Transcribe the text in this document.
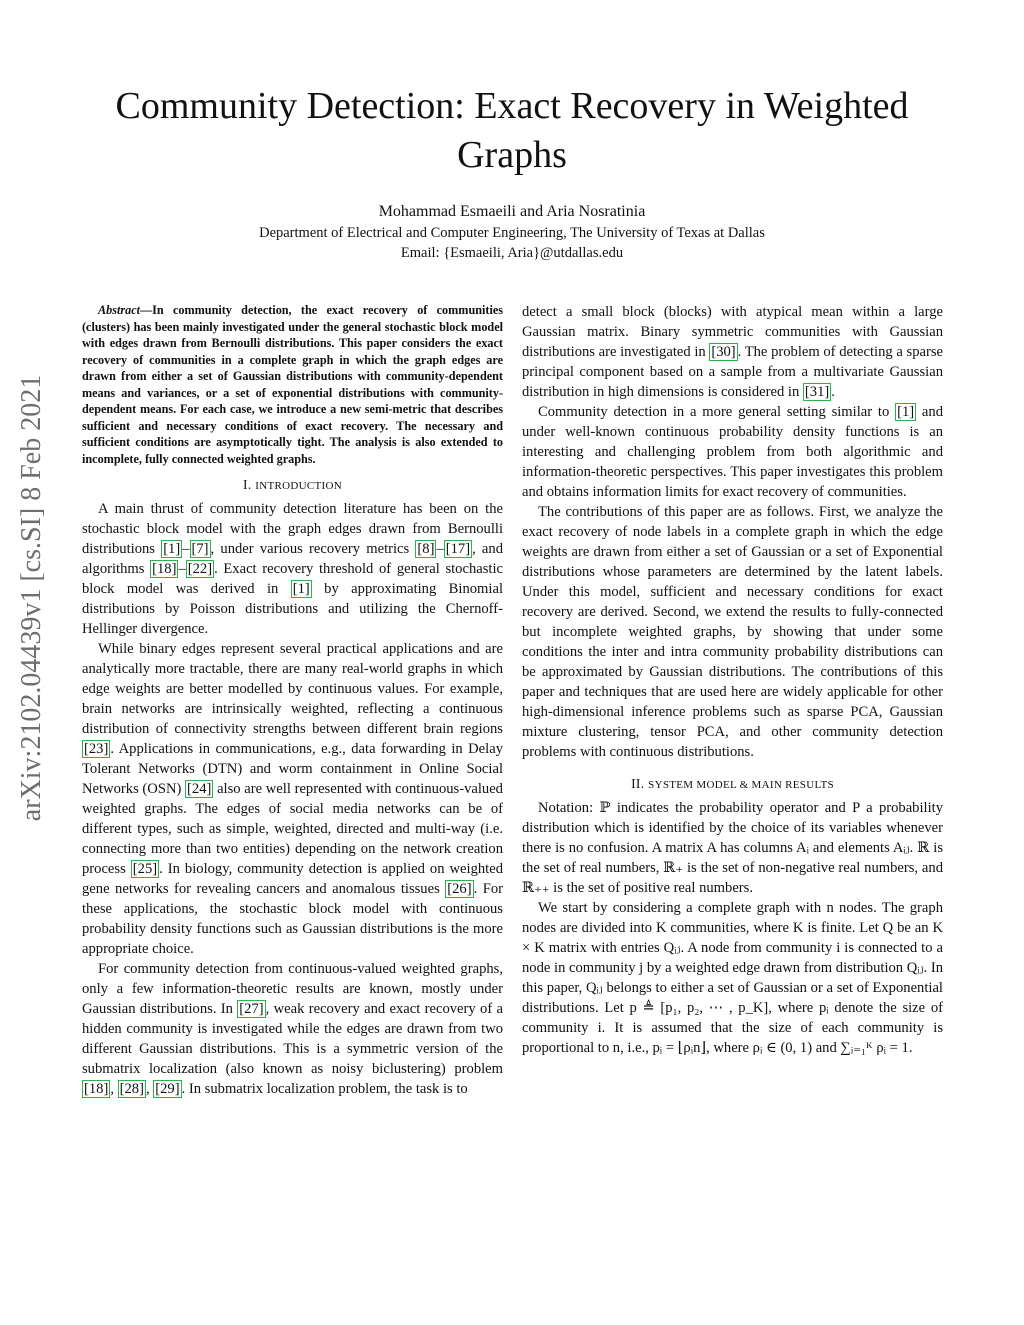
arXiv:2102.04439v1 [cs.SI] 8 Feb 2021
Community Detection: Exact Recovery in Weighted Graphs
Mohammad Esmaeili and Aria Nosratinia
Department of Electrical and Computer Engineering, The University of Texas at Dallas
Email: {Esmaeili, Aria}@utdallas.edu

Abstract—In community detection, the exact recovery of communities (clusters) has been mainly investigated under the general stochastic block model with edges drawn from Bernoulli distributions. This paper considers the exact recovery of communities in a complete graph in which the graph edges are drawn from either a set of Gaussian distributions with community-dependent means and variances, or a set of exponential distributions with community-dependent means. For each case, we introduce a new semi-metric that describes sufficient and necessary conditions of exact recovery. The necessary and sufficient conditions are asymptotically tight. The analysis is also extended to incomplete, fully connected weighted graphs.

I. INTRODUCTION

A main thrust of community detection literature has been on the stochastic block model with the graph edges drawn from Bernoulli distributions [1] – [7] , under various recovery metrics [8] – [17] , and algorithms [18] – [22] . Exact recovery threshold of general stochastic block model was derived in [1] by approximating Binomial distributions by Poisson distributions and utilizing the Chernoff-Hellinger divergence.

While binary edges represent several practical applications and are analytically more tractable, there are many real-world graphs in which edge weights are better modelled by continuous values. For example, brain networks are intrinsically weighted, reflecting a continuous distribution of connectivity strengths between different brain regions [23] . Applications in communications, e.g., data forwarding in Delay Tolerant Networks (DTN) and worm containment in Online Social Networks (OSN) [24] also are well represented with continuous-valued weighted graphs. The edges of social media networks can be of different types, such as simple, weighted, directed and multi-way (i.e. connecting more than two entities) depending on the network creation process [25] . In biology, community detection is applied on weighted gene networks for revealing cancers and anomalous tissues [26] . For these applications, the stochastic block model with continuous probability density functions such as Gaussian distributions is the more appropriate choice.

For community detection from continuous-valued weighted graphs, only a few information-theoretic results are known, mostly under Gaussian distributions. In [27] , weak recovery and exact recovery of a hidden community is investigated while the edges are drawn from two different Gaussian distributions. This is a symmetric version of the submatrix localization (also known as noisy biclustering) problem [18] , [28] , [29] . In submatrix localization problem, the task is to

detect a small block (blocks) with atypical mean within a large Gaussian matrix. Binary symmetric communities with Gaussian distributions are investigated in [30] . The problem of detecting a sparse principal component based on a sample from a multivariate Gaussian distribution in high dimensions is considered in [31] .

Community detection in a more general setting similar to [1] and under well-known continuous probability density functions is an interesting and challenging problem from both algorithmic and information-theoretic perspectives. This paper investigates this problem and obtains information limits for exact recovery of communities.

The contributions of this paper are as follows. First, we analyze the exact recovery of node labels in a complete graph in which the edge weights are drawn from either a set of Gaussian or a set of Exponential distributions whose parameters are determined by the latent labels. Under this model, sufficient and necessary conditions for exact recovery are derived. Second, we extend the results to fully-connected but incomplete weighted graphs, by showing that under some conditions the inter and intra community probability distributions can be approximated by Gaussian distributions. The contributions of this paper and techniques that are used here are widely applicable for other high-dimensional inference problems such as sparse PCA, Gaussian mixture clustering, tensor PCA, and other community detection problems with continuous distributions.

II. SYSTEM MODEL & MAIN RESULTS

Notation: ℙ indicates the probability operator and P a probability distribution which is identified by the choice of its variables whenever there is no confusion. A matrix A has columns Aᵢ and elements Aᵢⱼ. ℝ is the set of real numbers, ℝ₊ is the set of non-negative real numbers, and ℝ₊₊ is the set of positive real numbers.

We start by considering a complete graph with n nodes. The graph nodes are divided into K communities, where K is finite. Let Q be an K × K matrix with entries Qᵢⱼ. A node from community i is connected to a node in community j by a weighted edge drawn from distribution Qᵢⱼ. In this paper, Qᵢⱼ belongs to either a set of Gaussian or a set of Exponential distributions. Let p ≜ [p₁, p₂, ⋯ , p_K], where pᵢ denote the size of community i. It is assumed that the size of each community is proportional to n, i.e., pᵢ = ⌊ρᵢn⌋, where ρᵢ ∈ (0, 1) and ∑ᵢ₌₁ᴷ ρᵢ = 1.
